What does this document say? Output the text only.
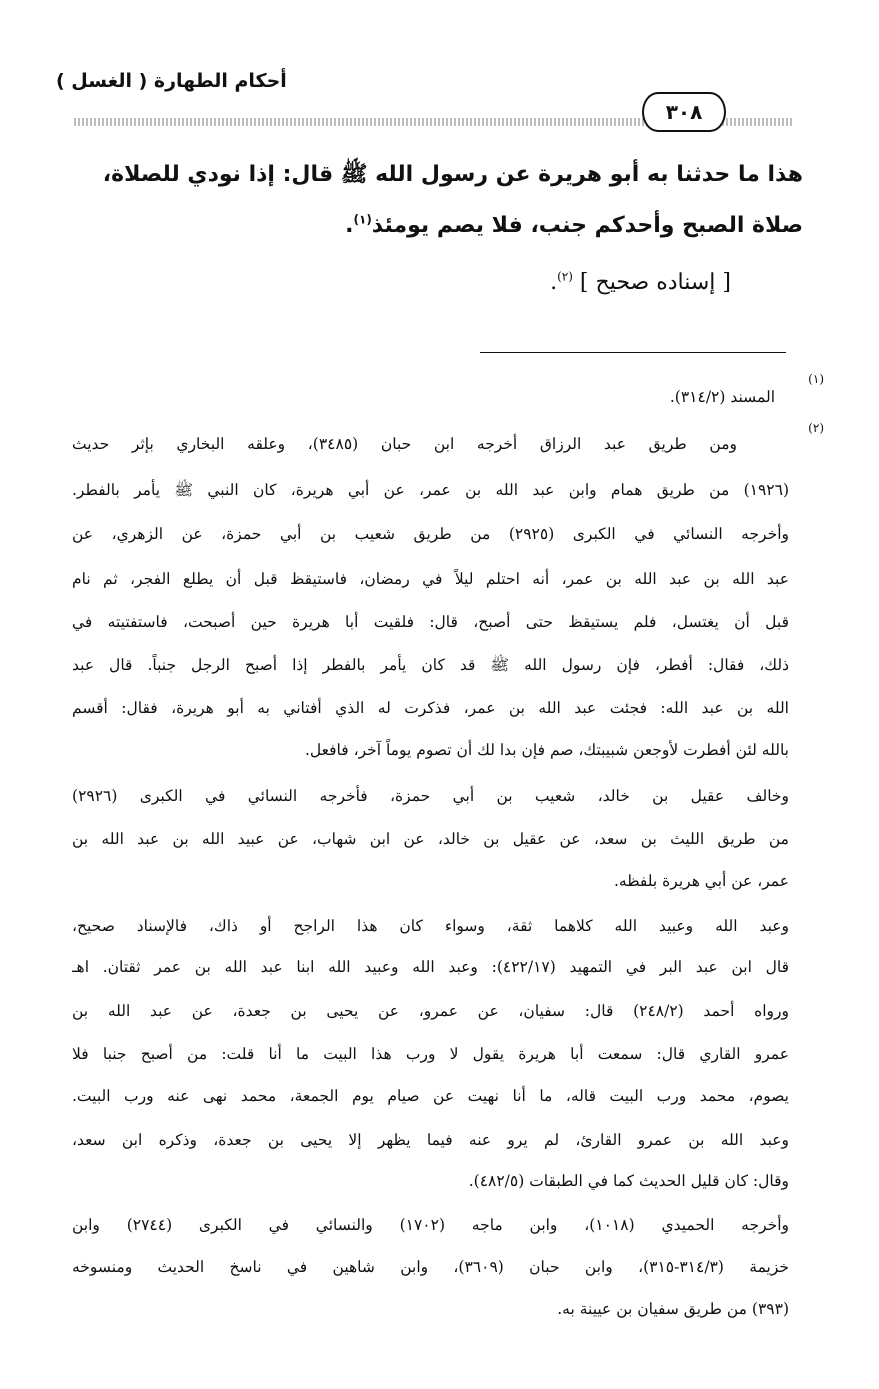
أحكام الطهارة ( الغسل )
٣٠٨
هذا ما حدثنا به أبو هريرة عن رسول الله ﷺ قال: إذا نودي للصلاة،
صلاة الصبح وأحدكم جنب، فلا يصم يومئذ$^{(١)}$.
[ إسناده صحيح ] $^{(٢)}$.
(١)
(٢)
المسند (٣١٤/٢).
ومن طريق عبد الرزاق أخرجه ابن حبان (٣٤٨٥)، وعلقه البخاري بإثر حديث
(١٩٢٦) من طريق همام وابن عبد الله بن عمر، عن أبي هريرة، كان النبي ﷺ يأمر بالفطر.
وأخرجه النسائي في الكبرى (٢٩٢٥) من طريق شعيب بن أبي حمزة، عن الزهري، عن
عبد الله بن عبد الله بن عمر، أنه احتلم ليلاً في رمضان، فاستيقظ قبل أن يطلع الفجر، ثم نام
قبل أن يغتسل، فلم يستيقظ حتى أصبح، قال: فلقيت أبا هريرة حين أصبحت، فاستفتيته في
ذلك، فقال: أفطر، فإن رسول الله ﷺ قد كان يأمر بالفطر إذا أصبح الرجل جنباً. قال عبد
الله بن عبد الله: فجئت عبد الله بن عمر، فذكرت له الذي أفتاني به أبو هريرة، فقال: أقسم
بالله لئن أفطرت لأوجعن شبيبتك، صم فإن بدا لك أن تصوم يوماً آخر، فافعل.
وخالف عقيل بن خالد، شعيب بن أبي حمزة، فأخرجه النسائي في الكبرى (٢٩٢٦)
من طريق الليث بن سعد، عن عقيل بن خالد، عن ابن شهاب، عن عبيد الله بن عبد الله بن
عمر، عن أبي هريرة بلفظه.
وعبد الله وعبيد الله كلاهما ثقة، وسواء كان هذا الراجح أو ذاك، فالإسناد صحيح،
قال ابن عبد البر في التمهيد (٤٢٢/١٧): وعبد الله وعبيد الله ابنا عبد الله بن عمر ثقتان. اهـ
ورواه أحمد (٢٤٨/٢) قال: سفيان، عن عمرو، عن يحيى بن جعدة، عن عبد الله بن
عمرو القاري قال: سمعت أبا هريرة يقول لا ورب هذا البيت ما أنا قلت: من أصبح جنبا فلا
يصوم، محمد ورب البيت قاله، ما أنا نهيت عن صيام يوم الجمعة، محمد نهى عنه ورب البيت.
وعبد الله بن عمرو القارئ، لم يرو عنه فيما يظهر إلا يحيى بن جعدة، وذكره ابن سعد،
وقال: كان قليل الحديث كما في الطبقات (٤٨٢/٥).
وأخرجه الحميدي (١٠١٨)، وابن ماجه (١٧٠٢) والنسائي في الكبرى (٢٧٤٤) وابن
خزيمة (٣١٤/٣-٣١٥)، وابن حبان (٣٦٠٩)، وابن شاهين في ناسخ الحديث ومنسوخه
(٣٩٣) من طريق سفيان بن عيينة به.
